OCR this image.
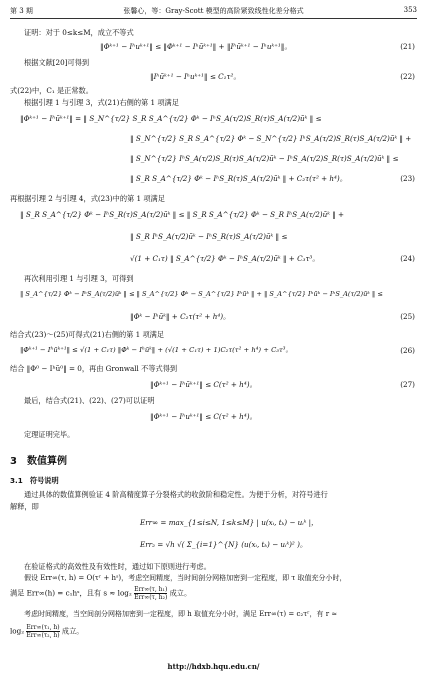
第 3 期	张馨心，等：Gray-Scott 模型的高阶紧致线性化差分格式	353
证明：对于 0≤k≤M，成立不等式
‖Φᵏ⁺¹ − Iʰuᵏ⁺¹‖ ≤ ‖Φᵏ⁺¹ − Iʰũᵏ⁺¹‖ + ‖Iʰũᵏ⁺¹ − Iʰuᵏ⁺¹‖。	(21)
根据文献[20]可得到
‖Iʰũᵏ⁺¹ − Iʰuᵏ⁺¹‖ ≤ C₁τ²。	(22)
式(22)中，C₁ 是正常数。
根据引理 1 与引理 3，式(21)右侧的第 1 项满足
‖Φᵏ⁺¹ − Iʰũᵏ⁺¹‖ = ‖ S_N^{τ/2} S_R S_A^{τ/2} Φᵏ − IʰS_A(τ/2)S_R(τ)S_A(τ/2)ũᵏ ‖ ≤
‖ S_N^{τ/2} S_R S_A^{τ/2} Φᵏ − S_N^{τ/2} IʰS_A(τ/2)S_R(τ)S_A(τ/2)ũᵏ ‖ +
‖ S_N^{τ/2} IʰS_A(τ/2)S_R(τ)S_A(τ/2)ũᵏ − IʰS_A(τ/2)S_R(τ)S_A(τ/2)ũᵏ ‖ ≤
‖ S_R S_A^{τ/2} Φᵏ − IʰS_R(τ)S_A(τ/2)ũᵏ ‖ + C₂τ(τ² + h⁴)。	(23)
再根据引理 2 与引理 4，式(23)中的第 1 项满足
‖ S_R S_A^{τ/2} Φᵏ − IʰS_R(τ)S_A(τ/2)ũᵏ ‖ ≤ ‖ S_R S_A^{τ/2} Φᵏ − S_R IʰS_A(τ/2)ũᵏ ‖ +
‖ S_R IʰS_A(τ/2)ũᵏ − IʰS_R(τ)S_A(τ/2)ũᵏ ‖ ≤
√(1 + C₁τ) ‖ S_A^{τ/2} Φᵏ − IʰS_A(τ/2)ũᵏ ‖ + C₃τ³。	(24)
再次利用引理 1 与引理 3，可得到
‖ S_A^{τ/2} Φᵏ − IʰS_A(τ/2)ũᵏ ‖ ≤ ‖ S_A^{τ/2} Φᵏ − S_A^{τ/2} Iʰũᵏ ‖ + ‖ S_A^{τ/2} Iʰũᵏ − IʰS_A(τ/2)ũᵏ ‖ ≤
‖Φᵏ − Iʰũᵏ‖ + C₂τ(τ² + h⁴)。	(25)
结合式(23)～(25)可得式(21)右侧的第 1 项满足
‖Φᵏ⁺¹ − Iʰũᵏ⁺¹‖ ≤ √(1 + C₁τ) ‖Φᵏ − Iʰũᵏ‖ + (√(1 + C₁τ) + 1)C₂τ(τ² + h⁴) + C₃τ³。	(26)
结合 ‖Φ⁰ − Iʰũ⁰‖ = 0，再由 Gronwall 不等式得到
‖Φᵏ⁺¹ − Iʰũᵏ⁺¹‖ ≤ C(τ² + h⁴)。	(27)
最后，结合式(21)、(22)、(27)可以证明
‖Φᵏ⁺¹ − Iʰuᵏ⁺¹‖ ≤ C(τ² + h⁴)。
定理证明完毕。
3　数值算例
3.1　符号说明
通过具体的数值算例验证 4 阶高精度算子分裂格式的收敛阶和稳定性。为便于分析，对符号进行
解释，即
Err∞ = max_{1≤i≤N, 1≤k≤M} | u(xᵢ, tₖ) − uᵢᵏ |，
Err₂ = √h √( Σ_{i=1}^{N} (u(xᵢ, tₖ) − uᵢᵏ)² )。
在验证格式的高效性及有效性时，通过如下原则进行考虑。
假设 Err∞(τ, h) = O(τʳ + hˢ)，考虑空间精度，当时间剖分网格加密到一定程度，即 τ 取值充分小时，
满足 Err∞(h) = c₁hˢ，且有 $s \approx \log_2 \frac{\text{Err∞(τ, h₁)}}{\text{Err∞(τ, h₂)}}$ 成立。
考虑时间精度，当空间剖分网格加密到一定程度，即 h 取值充分小时，满足 Err∞(τ) = c₂τʳ，有 r ≈
$\log_2 \frac{\text{Err∞(τ₁, h)}}{\text{Err∞(τ₂, h)}}$ 成立。
http://hdxb.hqu.edu.cn/
